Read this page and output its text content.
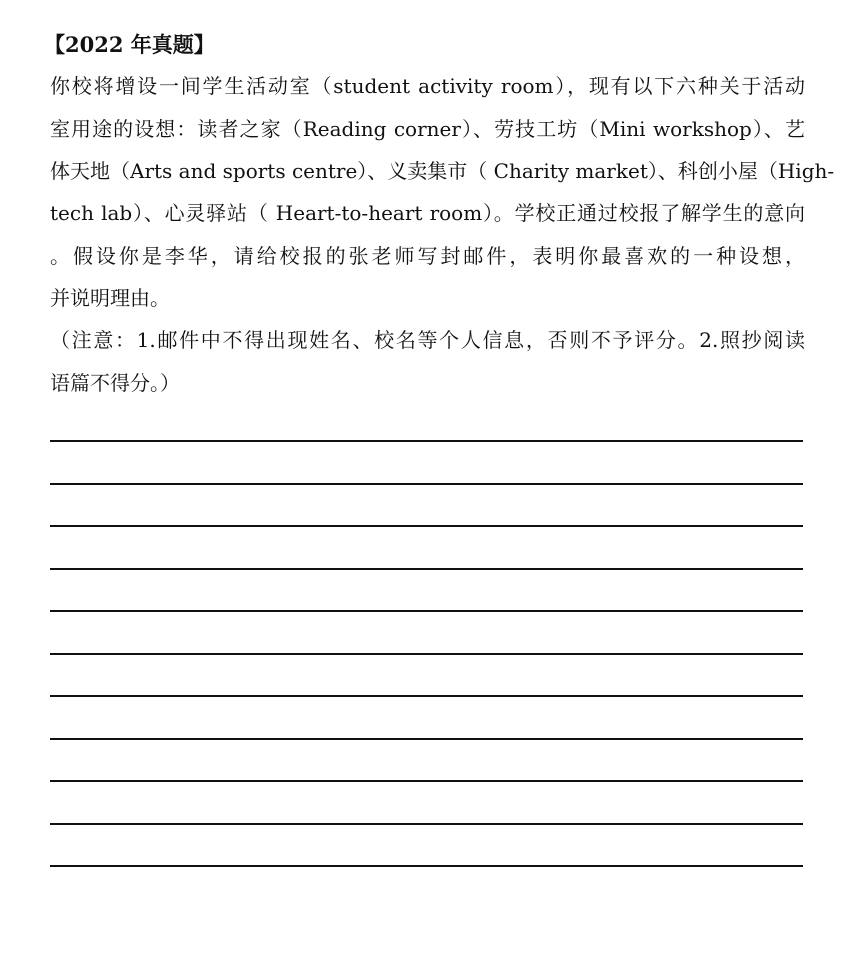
【2022 年真题】
你校将增设一间学生活动室（student activity room），现有以下六种关于活动
室用途的设想：读者之家（Reading corner）、劳技工坊（Mini workshop）、艺
体天地（Arts and sports centre）、义卖集市（ Charity market）、科创小屋（High-
tech lab）、心灵驿站（ Heart-to-heart room）。学校正通过校报了解学生的意向
。假设你是李华，请给校报的张老师写封邮件，表明你最喜欢的一种设想，
并说明理由。
（注意：1.邮件中不得出现姓名、校名等个人信息，否则不予评分。2.照抄阅读
语篇不得分。）
